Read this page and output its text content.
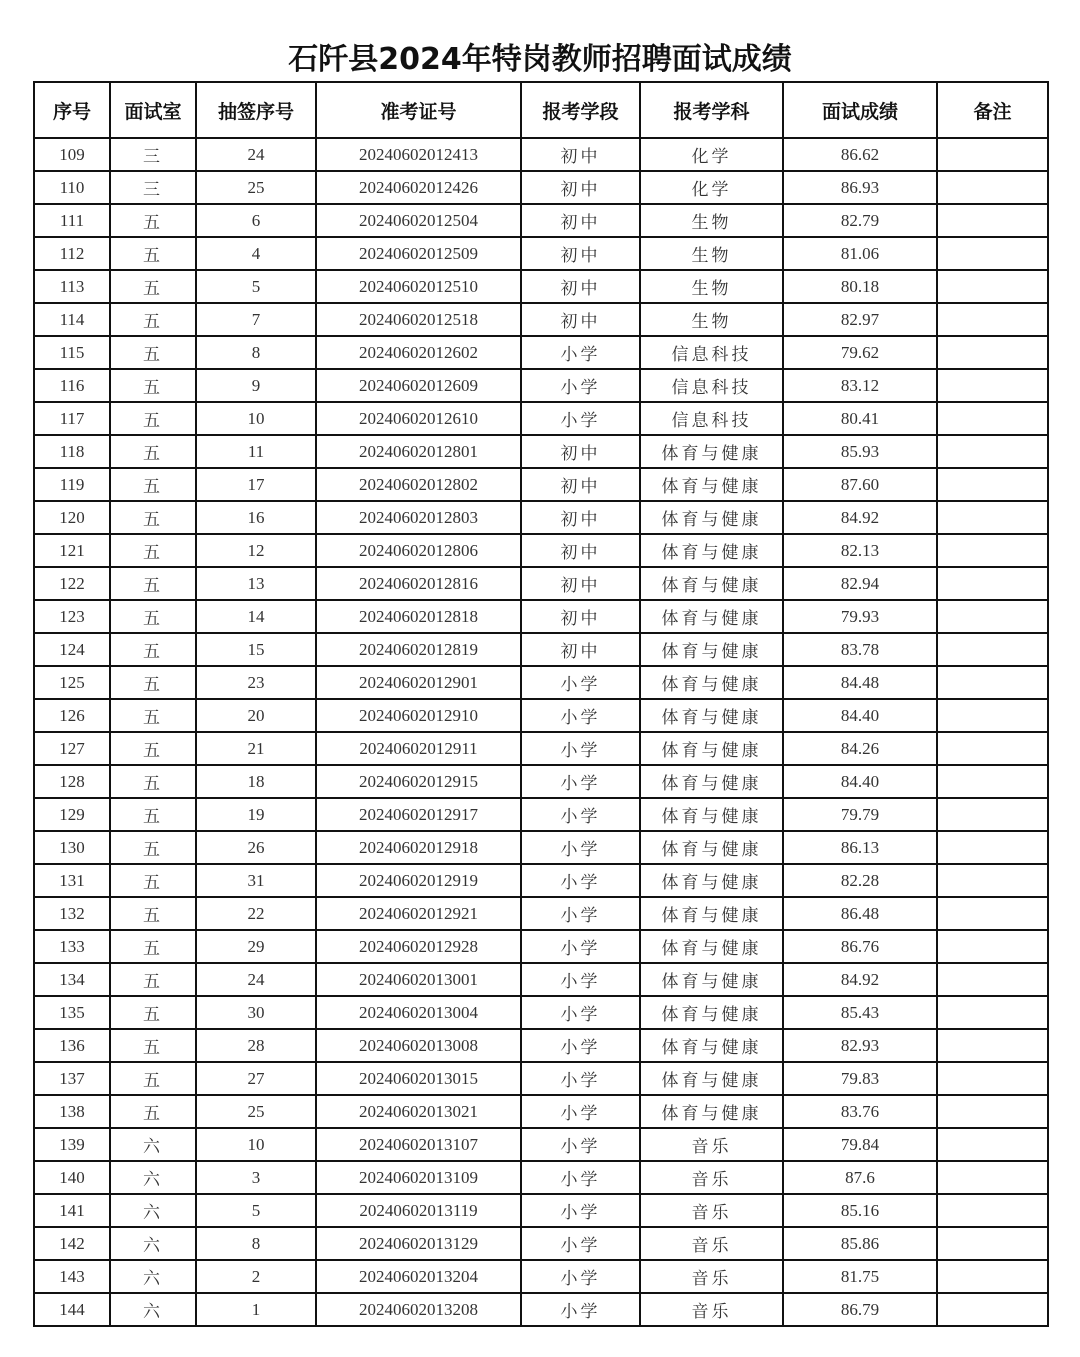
石阡县2024年特岗教师招聘面试成绩
序号	面试室	抽签序号	准考证号	报考学段	报考学科	面试成绩	备注
109	三	24	20240602012413	初中	化学	86.62	
110	三	25	20240602012426	初中	化学	86.93	
111	五	6	20240602012504	初中	生物	82.79	
112	五	4	20240602012509	初中	生物	81.06	
113	五	5	20240602012510	初中	生物	80.18	
114	五	7	20240602012518	初中	生物	82.97	
115	五	8	20240602012602	小学	信息科技	79.62	
116	五	9	20240602012609	小学	信息科技	83.12	
117	五	10	20240602012610	小学	信息科技	80.41	
118	五	11	20240602012801	初中	体育与健康	85.93	
119	五	17	20240602012802	初中	体育与健康	87.60	
120	五	16	20240602012803	初中	体育与健康	84.92	
121	五	12	20240602012806	初中	体育与健康	82.13	
122	五	13	20240602012816	初中	体育与健康	82.94	
123	五	14	20240602012818	初中	体育与健康	79.93	
124	五	15	20240602012819	初中	体育与健康	83.78	
125	五	23	20240602012901	小学	体育与健康	84.48	
126	五	20	20240602012910	小学	体育与健康	84.40	
127	五	21	20240602012911	小学	体育与健康	84.26	
128	五	18	20240602012915	小学	体育与健康	84.40	
129	五	19	20240602012917	小学	体育与健康	79.79	
130	五	26	20240602012918	小学	体育与健康	86.13	
131	五	31	20240602012919	小学	体育与健康	82.28	
132	五	22	20240602012921	小学	体育与健康	86.48	
133	五	29	20240602012928	小学	体育与健康	86.76	
134	五	24	20240602013001	小学	体育与健康	84.92	
135	五	30	20240602013004	小学	体育与健康	85.43	
136	五	28	20240602013008	小学	体育与健康	82.93	
137	五	27	20240602013015	小学	体育与健康	79.83	
138	五	25	20240602013021	小学	体育与健康	83.76	
139	六	10	20240602013107	小学	音乐	79.84	
140	六	3	20240602013109	小学	音乐	87.6	
141	六	5	20240602013119	小学	音乐	85.16	
142	六	8	20240602013129	小学	音乐	85.86	
143	六	2	20240602013204	小学	音乐	81.75	
144	六	1	20240602013208	小学	音乐	86.79	
